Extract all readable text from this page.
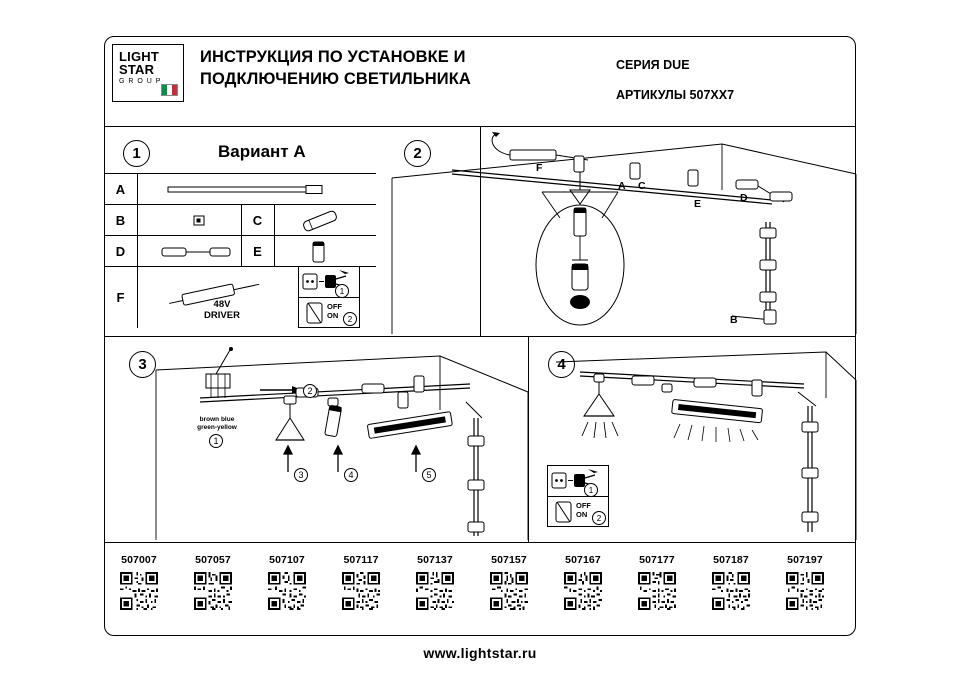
LIGHT
STAR
G R O U P
ИНСТРУКЦИЯ ПО УСТАНОВКЕ И ПОДКЛЮЧЕНИЮ СВЕТИЛЬНИКА
СЕРИЯ DUE
АРТИКУЛЫ 507ХХ7
1	2
3	4
Вариант А
A
B	C
D	E
F	48V
DRIVER
1
OFF
ON	2
F
A C
E	D
B
brown blue
green-yellow
1
2
3	4	5
1
OFF
ON	2
507007	507057	507107	507117	507137	507157	507167	507177	507187	507197
www.lightstar.ru
